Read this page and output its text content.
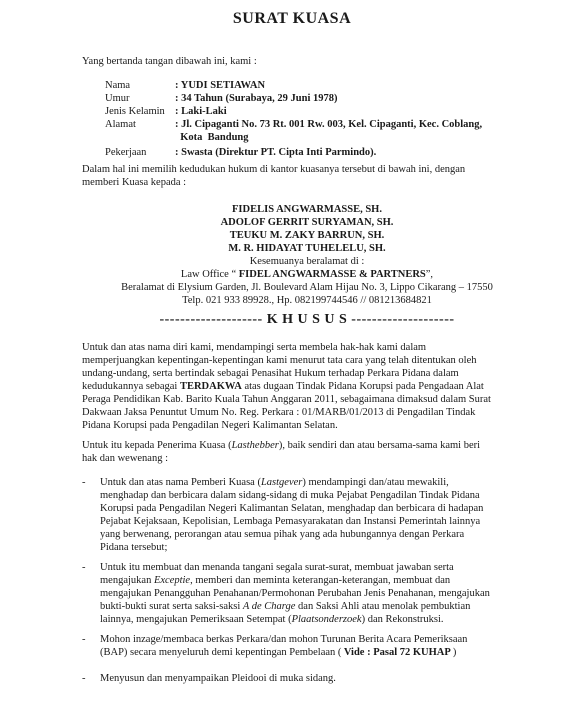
SURAT KUASA
Yang bertanda tangan dibawah ini, kami :
Nama	: YUDI SETIAWAN
Umur	: 34 Tahun (Surabaya, 29 Juni 1978)
Jenis Kelamin : Laki-Laki
Alamat	: Jl. Cipaganti No. 73 Rt. 001 Rw. 003, Kel. Cipaganti, Kec. Coblang,
Kota  Bandung
Pekerjaan	: Swasta (Direktur PT. Cipta Inti Parmindo).
Dalam hal ini memilih kedudukan hukum di kantor kuasanya tersebut di bawah ini, dengan
memberi Kuasa kepada :
FIDELIS ANGWARMASSE, SH.
ADOLOF GERRIT SURYAMAN, SH.
TEUKU M. ZAKY BARRUN, SH.
M. R. HIDAYAT TUHELELU, SH.
Kesemuanya beralamat di :
Law Office “ FIDEL ANGWARMASSE & PARTNERS”,
Beralamat di Elysium Garden, Jl. Boulevard Alam Hijau No. 3, Lippo Cikarang – 17550
Telp. 021 933 89928., Hp. 082199744546 // 081213684821
-------------------- K H U S U S --------------------
Untuk dan atas nama diri kami, mendampingi serta membela hak-hak kami dalam
memperjuangkan kepentingan-kepentingan kami menurut tata cara yang telah ditentukan oleh
undang-undang, serta bertindak sebagai Penasihat Hukum terhadap Perkara Pidana dalam
kedudukannya sebagai TERDAKWA atas dugaan Tindak Pidana Korupsi pada Pengadaan Alat
Peraga Pendidikan Kab. Barito Kuala Tahun Anggaran 2011, sebagaimana dimaksud dalam Surat
Dakwaan Jaksa Penuntut Umum No. Reg. Perkara : 01/MARB/01/2013 di Pengadilan Tindak
Pidana Korupsi pada Pengadilan Negeri Kalimantan Selatan.
Untuk itu kepada Penerima Kuasa (Lasthebber), baik sendiri dan atau bersama-sama kami beri
hak dan wewenang :
- Untuk dan atas nama Pemberi Kuasa (Lastgever) mendampingi dan/atau mewakili,
menghadap dan berbicara dalam sidang-sidang di muka Pejabat Pengadilan Tindak Pidana
Korupsi pada Pengadilan Negeri Kalimantan Selatan, menghadap dan berbicara di hadapan
Pejabat Kejaksaan, Kepolisian, Lembaga Pemasyarakatan dan Instansi Pemerintah lainnya
yang berwenang, perorangan atau semua pihak yang ada hubungannya dengan Perkara
Pidana tersebut;
- Untuk itu membuat dan menanda tangani segala surat-surat, membuat jawaban serta
mengajukan Exceptie, memberi dan meminta keterangan-keterangan, membuat dan
mengajukan Penangguhan Penahanan/Permohonan Perubahan Jenis Penahanan, mengajukan
bukti-bukti surat serta saksi-saksi A de Charge dan Saksi Ahli atau menolak pembuktian
lainnya, mengajukan Pemeriksaan Setempat (Plaatsonderzoek) dan Rekonstruksi.
- Mohon inzage/membaca berkas Perkara/dan mohon Turunan Berita Acara Pemeriksaan
(BAP) secara menyeluruh demi kepentingan Pembelaan ( Vide : Pasal 72 KUHAP )
- Menyusun dan menyampaikan Pleidooi di muka sidang.
